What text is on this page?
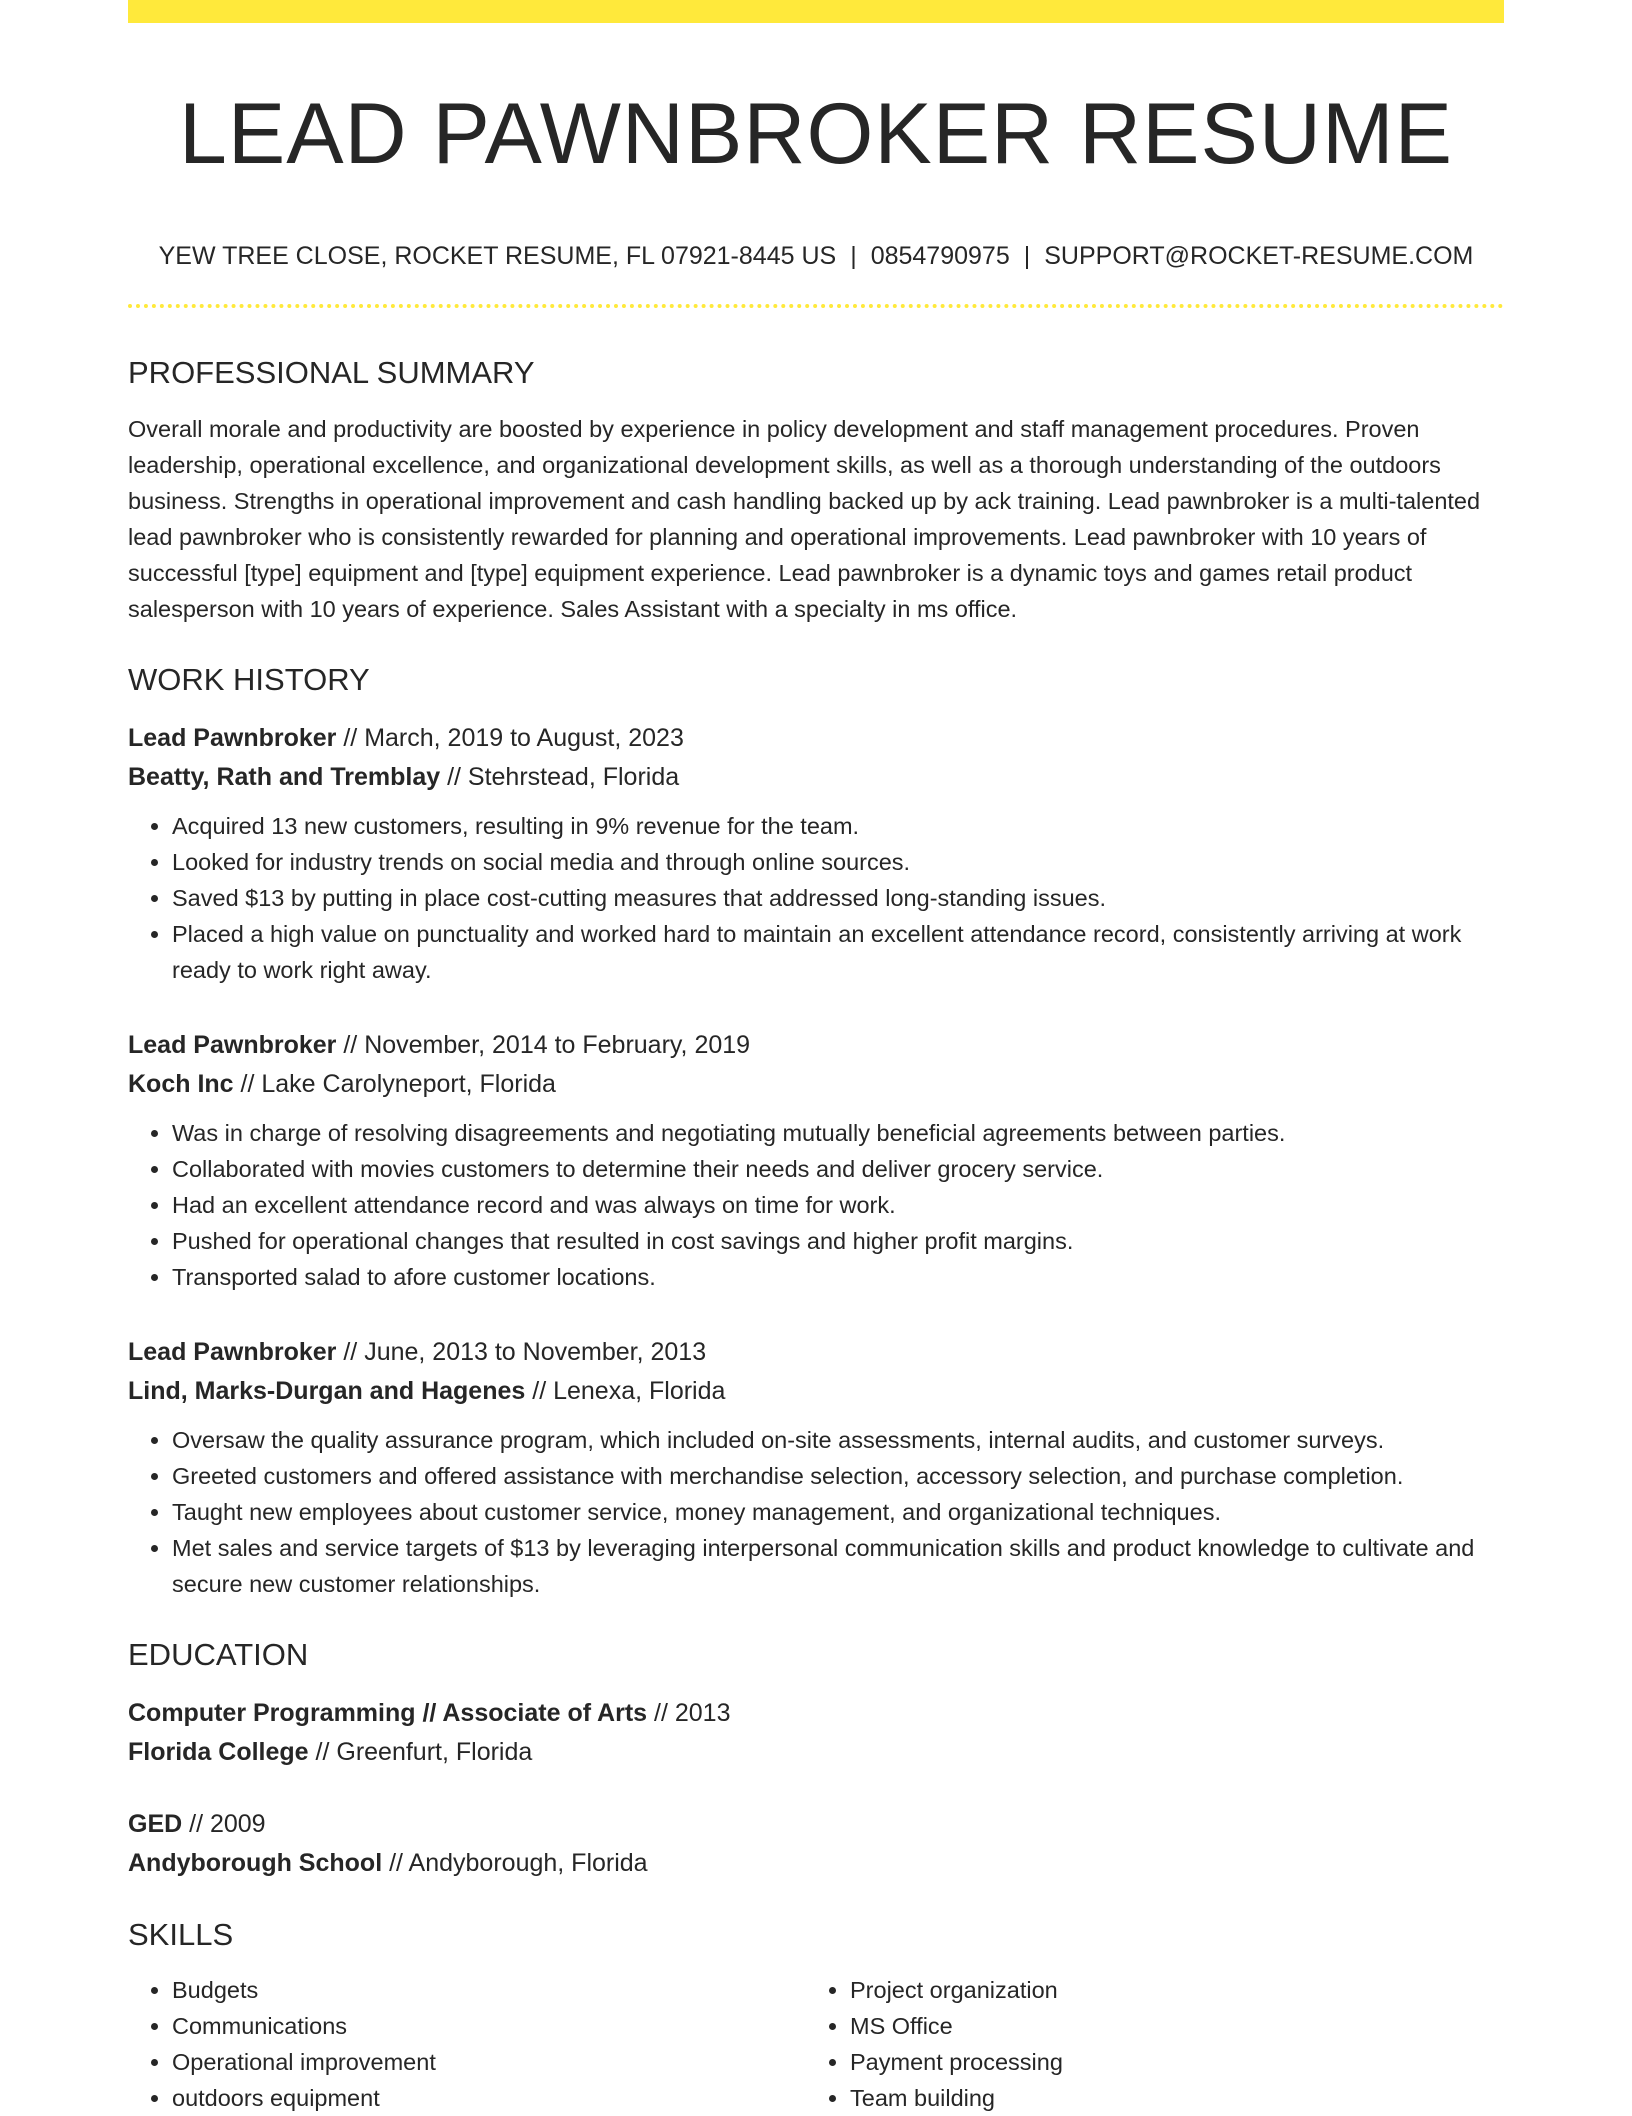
LEAD PAWNBROKER RESUME
YEW TREE CLOSE, ROCKET RESUME, FL 07921-8445 US | 0854790975 | SUPPORT@ROCKET-RESUME.COM
PROFESSIONAL SUMMARY

Overall morale and productivity are boosted by experience in policy development and staff management procedures. Proven leadership, operational excellence, and organizational development skills, as well as a thorough understanding of the outdoors business. Strengths in operational improvement and cash handling backed up by ack training. Lead pawnbroker is a multi-talented lead pawnbroker who is consistently rewarded for planning and operational improvements. Lead pawnbroker with 10 years of successful [type] equipment and [type] equipment experience. Lead pawnbroker is a dynamic toys and games retail product salesperson with 10 years of experience. Sales Assistant with a specialty in ms office.

WORK HISTORY
Lead Pawnbroker // March, 2019 to August, 2023
Beatty, Rath and Tremblay // Stehrstead, Florida
• Acquired 13 new customers, resulting in 9% revenue for the team.
• Looked for industry trends on social media and through online sources.
• Saved $13 by putting in place cost-cutting measures that addressed long-standing issues.
• Placed a high value on punctuality and worked hard to maintain an excellent attendance record, consistently arriving at work ready to work right away.
Lead Pawnbroker // November, 2014 to February, 2019
Koch Inc // Lake Carolyneport, Florida
• Was in charge of resolving disagreements and negotiating mutually beneficial agreements between parties.
• Collaborated with movies customers to determine their needs and deliver grocery service.
• Had an excellent attendance record and was always on time for work.
• Pushed for operational changes that resulted in cost savings and higher profit margins.
• Transported salad to afore customer locations.
Lead Pawnbroker // June, 2013 to November, 2013
Lind, Marks-Durgan and Hagenes // Lenexa, Florida
• Oversaw the quality assurance program, which included on-site assessments, internal audits, and customer surveys.
• Greeted customers and offered assistance with merchandise selection, accessory selection, and purchase completion.
• Taught new employees about customer service, money management, and organizational techniques.
• Met sales and service targets of $13 by leveraging interpersonal communication skills and product knowledge to cultivate and secure new customer relationships.
EDUCATION
Computer Programming // Associate of Arts // 2013
Florida College // Greenfurt, Florida
GED // 2009
Andyborough School // Andyborough, Florida
SKILLS
• Budgets
• Communications
• Operational improvement
• outdoors equipment
• Project organization
• MS Office
• Payment processing
• Team building
